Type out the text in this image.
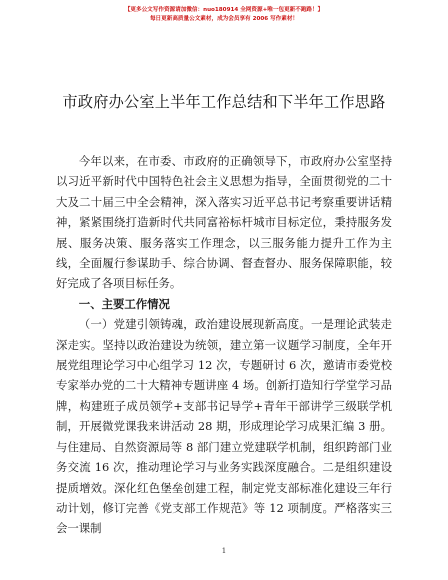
【更多公文写作资源请加微信：nuo180914 全网资源+唯一包更新不跑路！】
每日更新高质量公文素材，成为会员享有 2006 写作素材！
市政府办公室上半年工作总结和下半年工作思路

今年以来，在市委、市政府的正确领导下，市政府办公室坚持以习近平新时代中国特色社会主义思想为指导，全面贯彻党的二十大及二十届三中全会精神，深入落实习近平总书记考察重要讲话精神，紧紧围绕打造新时代共同富裕标杆城市目标定位，秉持服务发展、服务决策、服务落实工作理念，以三服务能力提升工作为主线，全面履行参谋助手、综合协调、督查督办、服务保障职能，较好完成了各项目标任务。

一、主要工作情况

（一）党建引领铸魂，政治建设展现新高度。一是理论武装走深走实。坚持以政治建设为统领，建立第一议题学习制度，全年开展党组理论学习中心组学习 12 次，专题研讨 6 次，邀请市委党校专家举办党的二十大精神专题讲座 4 场。创新打造知行学堂学习品牌，构建班子成员领学+支部书记导学+青年干部讲学三级联学机制，开展微党课我来讲活动 28 期，形成理论学习成果汇编 3 册。与住建局、自然资源局等 8 部门建立党建联学机制，组织跨部门业务交流 16 次，推动理论学习与业务实践深度融合。二是组织建设提质增效。深化红色堡垒创建工程，制定党支部标准化建设三年行动计划，修订完善《党支部工作规范》等 12 项制度。严格落实三会一课制

1
